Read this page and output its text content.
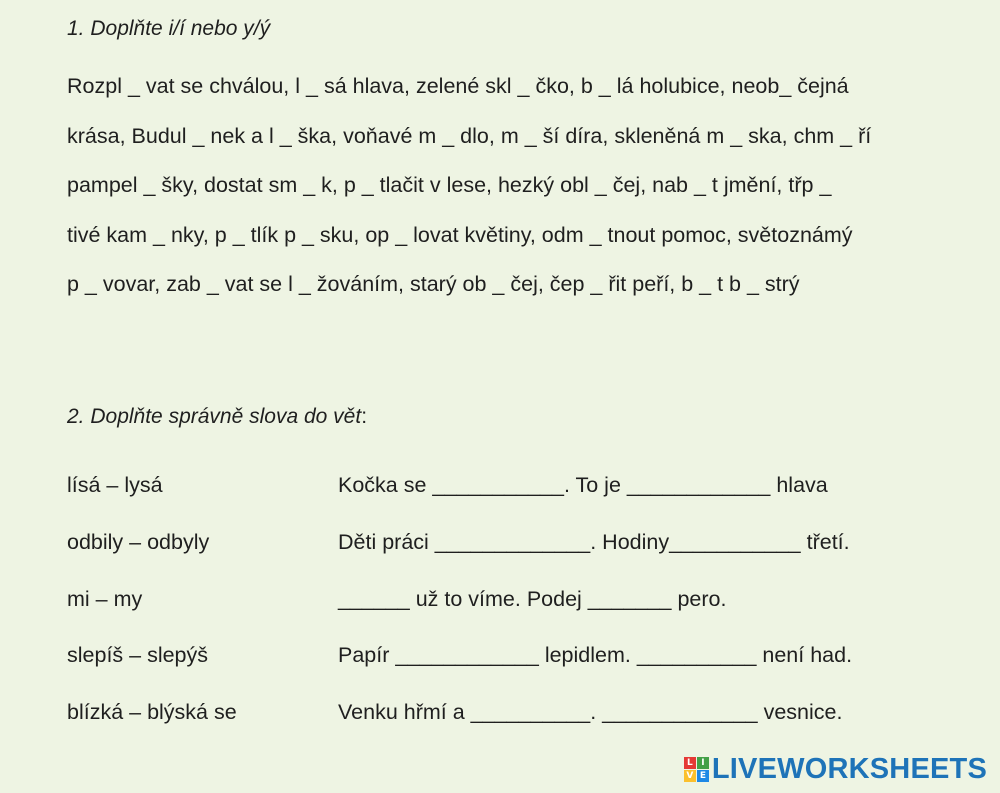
1. Doplňte i/í nebo y/ý
Rozpl _ vat se chválou, l _ sá hlava, zelené skl _ čko, b _ lá holubice, neob_ čejná
krása, Budul _ nek a l _ ška, voňavé m _ dlo, m _ ší díra, skleněná m _ ska, chm _ ří
pampel _ šky, dostat sm _ k, p _ tlačit v lese, hezký obl _ čej, nab _ t jmění, třp _
tivé kam _ nky, p _ tlík p _ sku, op _ lovat květiny, odm _ tnout pomoc, světoznámý
p _ vovar, zab _ vat se l _ žováním, starý ob _ čej, čep _ řit peří, b _ t b _ strý
2. Doplňte správně slova do vět:
lísá – lysá	Kočka se ___________. To je ____________ hlava
odbily – odbyly	Děti práci _____________. Hodiny___________ třetí.
mi – my	______ už to víme. Podej _______ pero.
slepíš – slepýš	Papír ____________ lepidlem. __________ není had.
blízká – blýská se	Venku hřmí a __________. _____________ vesnice.
L I
V E LIVEWORKSHEETS
